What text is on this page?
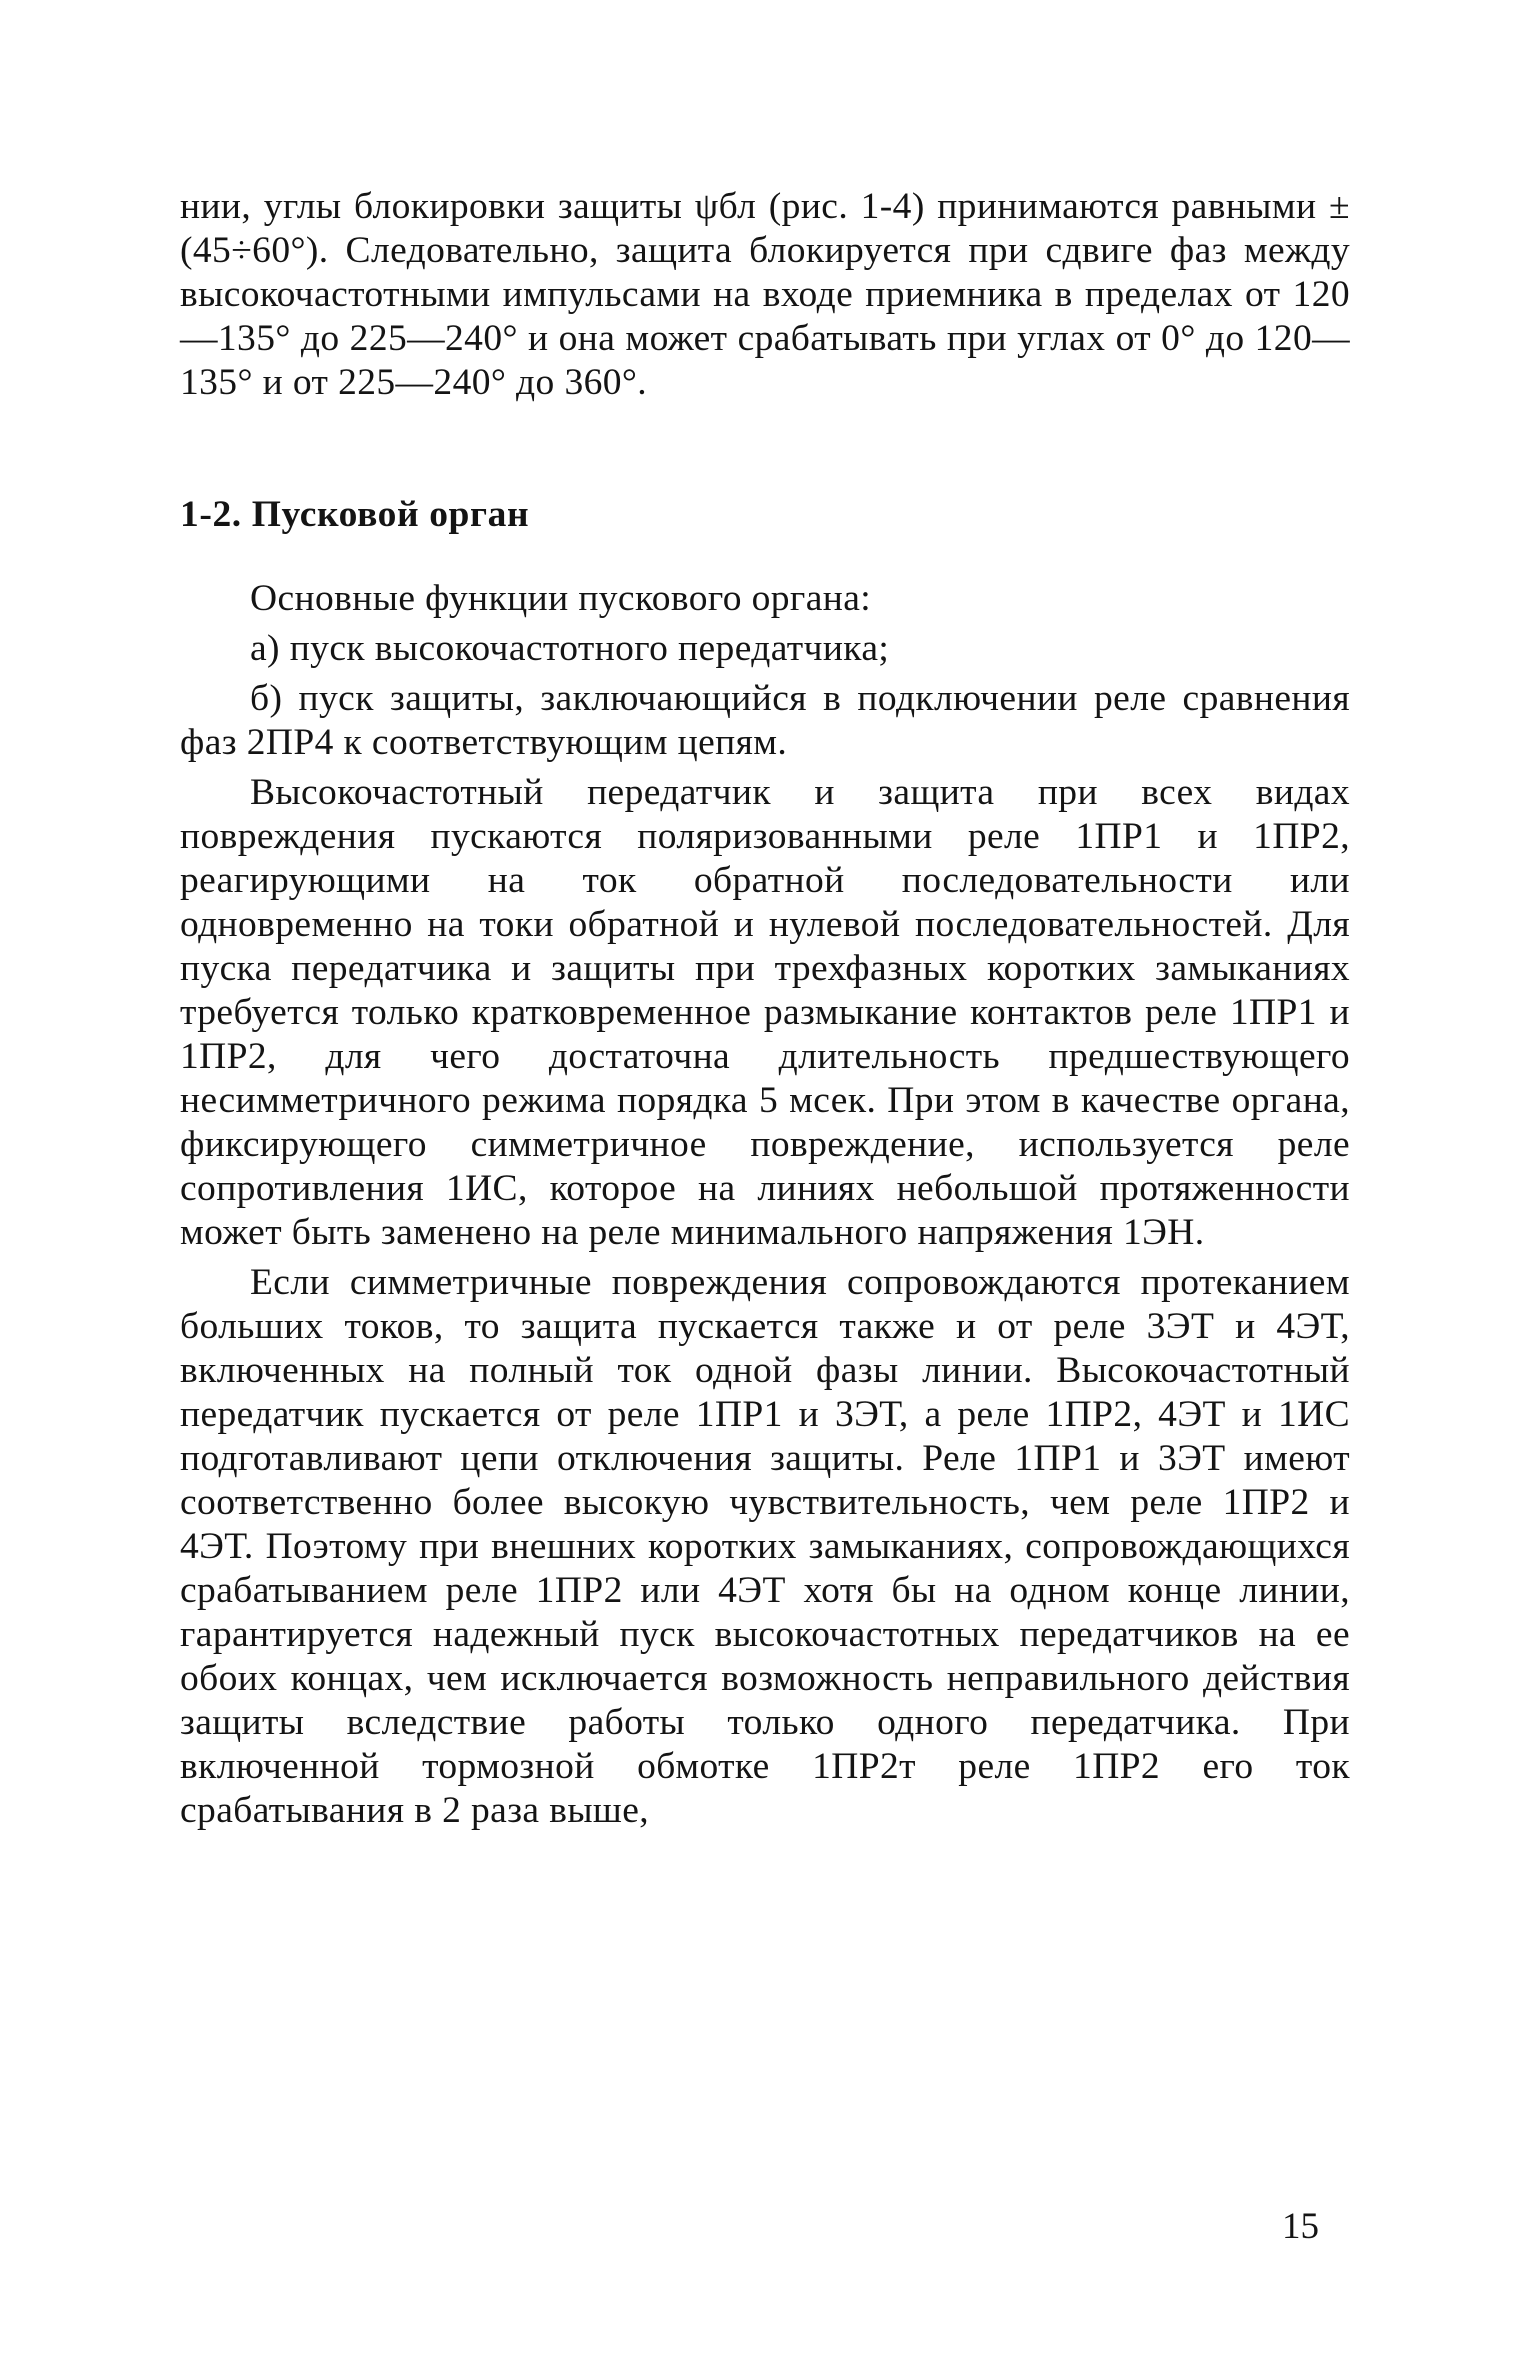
нии, углы блокировки защиты ψбл (рис. 1-4) принимаются равными ±(45÷60°). Следовательно, защита блокируется при сдвиге фаз между высокочастотными импульсами на входе приемника в пределах от 120—135° до 225—240° и она может срабатывать при углах от 0° до 120—135° и от 225—240° до 360°.

1-2. Пусковой орган

Основные функции пускового органа:

а) пуск высокочастотного передатчика;

б) пуск защиты, заключающийся в подключении реле сравнения фаз 2ПР4 к соответствующим цепям.

Высокочастотный передатчик и защита при всех видах повреждения пускаются поляризованными реле 1ПР1 и 1ПР2, реагирующими на ток обратной последовательности или одновременно на токи обратной и нулевой последовательностей. Для пуска передатчика и защиты при трехфазных коротких замыканиях требуется только кратковременное размыкание контактов реле 1ПР1 и 1ПР2, для чего достаточна длительность предшествующего несимметричного режима порядка 5 мсек. При этом в качестве органа, фиксирующего симметричное повреждение, используется реле сопротивления 1ИС, которое на линиях небольшой протяженности может быть заменено на реле минимального напряжения 1ЭН.

Если симметричные повреждения сопровождаются протеканием больших токов, то защита пускается также и от реле 3ЭТ и 4ЭТ, включенных на полный ток одной фазы линии. Высокочастотный передатчик пускается от реле 1ПР1 и 3ЭТ, а реле 1ПР2, 4ЭТ и 1ИС подготавливают цепи отключения защиты. Реле 1ПР1 и 3ЭТ имеют соответственно более высокую чувствительность, чем реле 1ПР2 и 4ЭТ. Поэтому при внешних коротких замыканиях, сопровождающихся срабатыванием реле 1ПР2 или 4ЭТ хотя бы на одном конце линии, гарантируется надежный пуск высокочастотных передатчиков на ее обоих концах, чем исключается возможность неправильного действия защиты вследствие работы только одного передатчика. При включенной тормозной обмотке 1ПР2т реле 1ПР2 его ток срабатывания в 2 раза выше,

15
